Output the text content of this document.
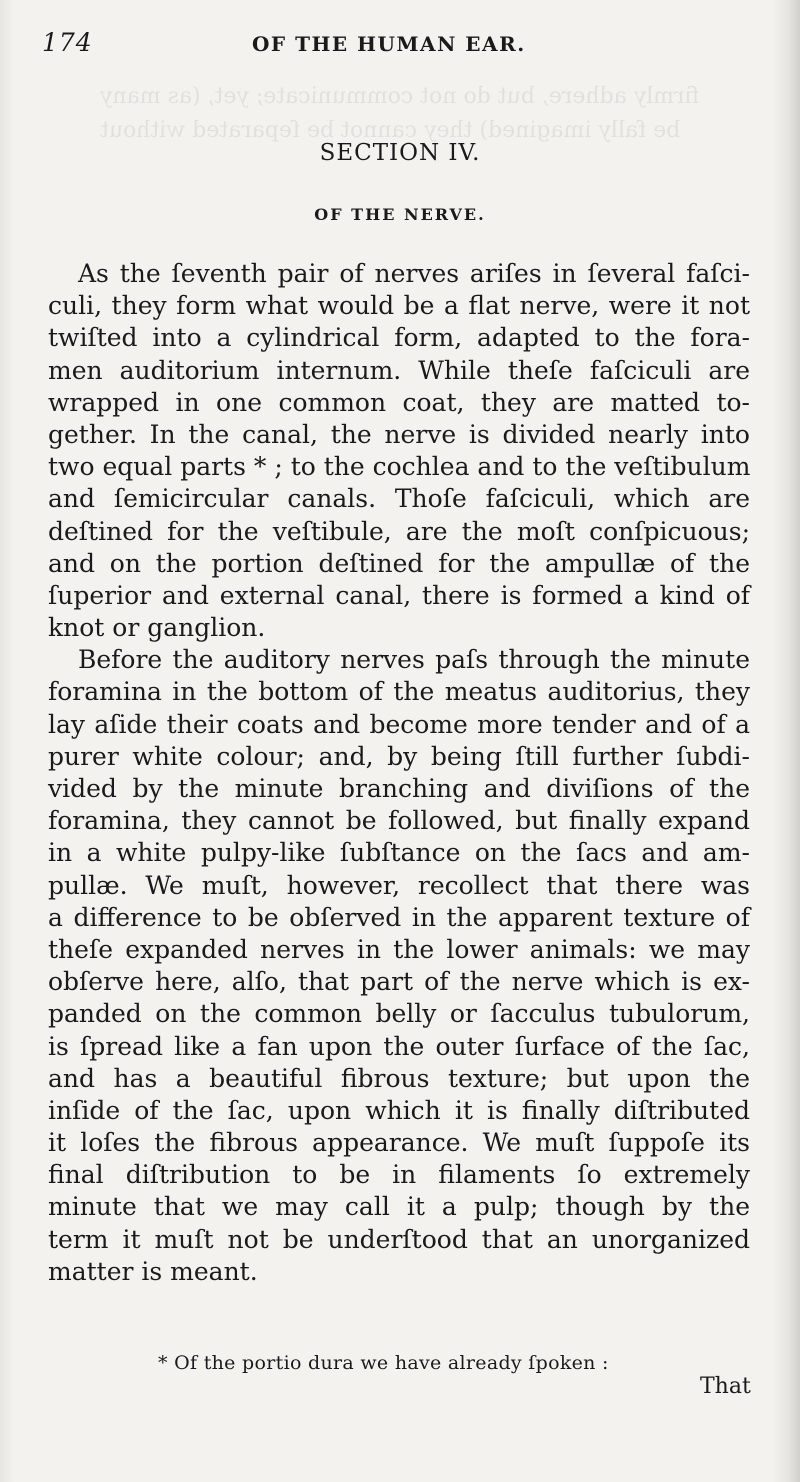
firmly adhere, but do not communicate; yet, (as many
be fally imagined) they cannot be ſeparated without
174	OF THE HUMAN EAR.
SECTION IV.
OF THE NERVE.
As the ſeventh pair of nerves ariſes in ſeveral faſci-
culi, they form what would be a flat nerve, were it not
twiſted into a cylindrical form, adapted to the fora-
men auditorium internum. While theſe faſciculi are
wrapped in one common coat, they are matted to-
gether. In the canal, the nerve is divided nearly into
two equal parts * ; to the cochlea and to the veſtibulum
and ſemicircular canals. Thoſe faſciculi, which are
deſtined for the veſtibule, are the moſt conſpicuous;
and on the portion deſtined for the ampullæ of the
ſuperior and external canal, there is formed a kind of
knot or ganglion.
Before the auditory nerves paſs through the minute
foramina in the bottom of the meatus auditorius, they
lay aſide their coats and become more tender and of a
purer white colour; and, by being ſtill further ſubdi-
vided by the minute branching and diviſions of the
foramina, they cannot be followed, but finally expand
in a white pulpy-like ſubſtance on the ſacs and am-
pullæ. We muſt, however, recollect that there was
a difference to be obſerved in the apparent texture of
theſe expanded nerves in the lower animals: we may
obſerve here, alſo, that part of the nerve which is ex-
panded on the common belly or ſacculus tubulorum,
is ſpread like a fan upon the outer ſurface of the ſac,
and has a beautiful fibrous texture; but upon the
inſide of the ſac, upon which it is finally diſtributed
it loſes the fibrous appearance. We muſt ſuppoſe its
final diſtribution to be in filaments ſo extremely
minute that we may call it a pulp; though by the
term it muſt not be underſtood that an unorganized
matter is meant.
* Of the portio dura we have already ſpoken :
That
